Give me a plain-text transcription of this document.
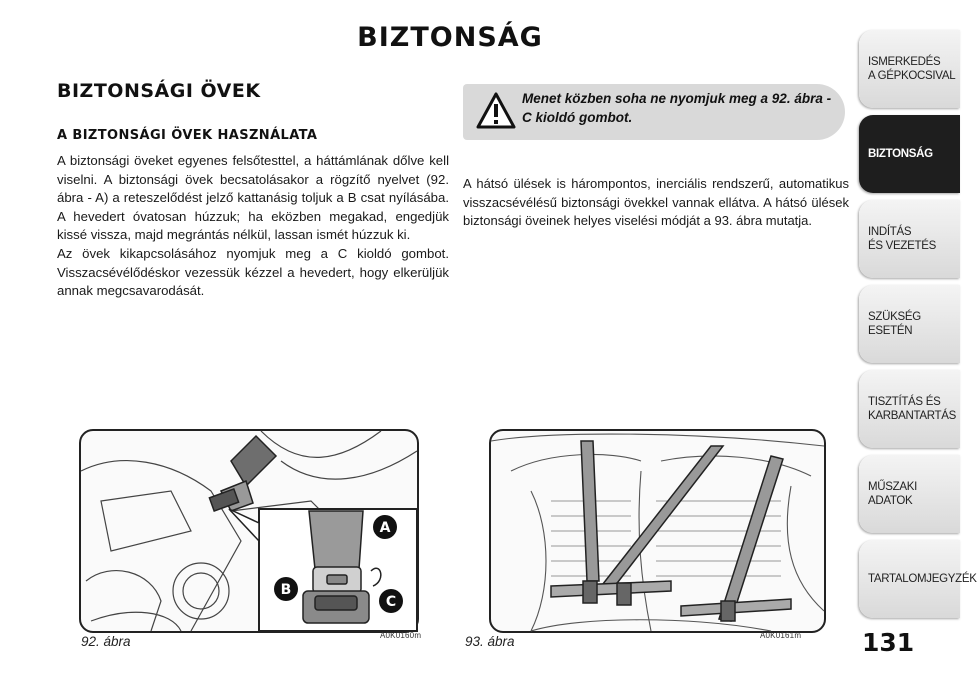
BIZTONSÁG
BIZTONSÁGI ÖVEK
A BIZTONSÁGI ÖVEK HASZNÁLATA

A biztonsági öveket egyenes felsőtesttel, a háttámlának dőlve kell viselni. A biztonsági övek becsatolásakor a rögzítő nyelvet (92. ábra - A) a reteszelődést jelző kattanásig toljuk a B csat nyílásába. A hevedert óvatosan húzzuk; ha eközben megakad, engedjük kissé vissza, majd megrántás nélkül, lassan ismét húzzuk ki.

Az övek kikapcsolásához nyomjuk meg a C kioldó gombot. Visszacsévélődéskor vezessük kézzel a hevedert, hogy elkerüljük annak megcsavarodását.

Menet közben soha ne nyomjuk meg a 92. ábra - C kioldó gombot.
A hátsó ülések is hárompontos, inerciális rendszerű, automatikus visszacsévélésű biztonsági övekkel vannak ellátva. A hátsó ülések biztonsági öveinek helyes viselési módját a 93. ábra mutatja.
A
B
C
92. ábra	A0K0160m	93. ábra	A0K0161m 131
ISMERKEDÉS
A GÉPKOCSIVAL
BIZTONSÁG
INDÍTÁS
ÉS VEZETÉS
SZÜKSÉG
ESETÉN
TISZTÍTÁS ÉS
KARBANTARTÁS
MŰSZAKI
ADATOK
TARTALOMJEGYZÉK
